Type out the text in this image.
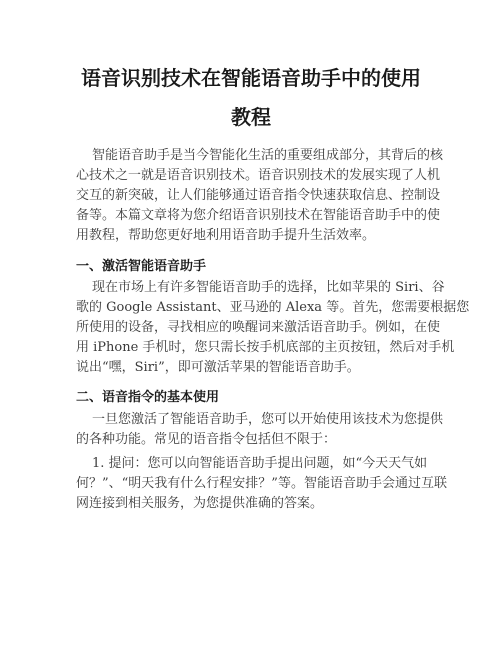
语音识别技术在智能语音助手中的使用
教程

智能语音助手是当今智能化生活的重要组成部分，其背后的核
心技术之一就是语音识别技术。语音识别技术的发展实现了人机
交互的新突破，让人们能够通过语音指令快速获取信息、控制设
备等。本篇文章将为您介绍语音识别技术在智能语音助手中的使
用教程，帮助您更好地利用语音助手提升生活效率。

一、激活智能语音助手

现在市场上有许多智能语音助手的选择，比如苹果的 Siri、谷
歌的 Google Assistant、亚马逊的 Alexa 等。首先，您需要根据您
所使用的设备，寻找相应的唤醒词来激活语音助手。例如，在使
用 iPhone 手机时，您只需长按手机底部的主页按钮，然后对手机
说出“嘿，Siri”，即可激活苹果的智能语音助手。

二、语音指令的基本使用

一旦您激活了智能语音助手，您可以开始使用该技术为您提供
的各种功能。常见的语音指令包括但不限于：

1. 提问：您可以向智能语音助手提出问题，如“今天天气如
何？”、“明天我有什么行程安排？”等。智能语音助手会通过互联
网连接到相关服务，为您提供准确的答案。
